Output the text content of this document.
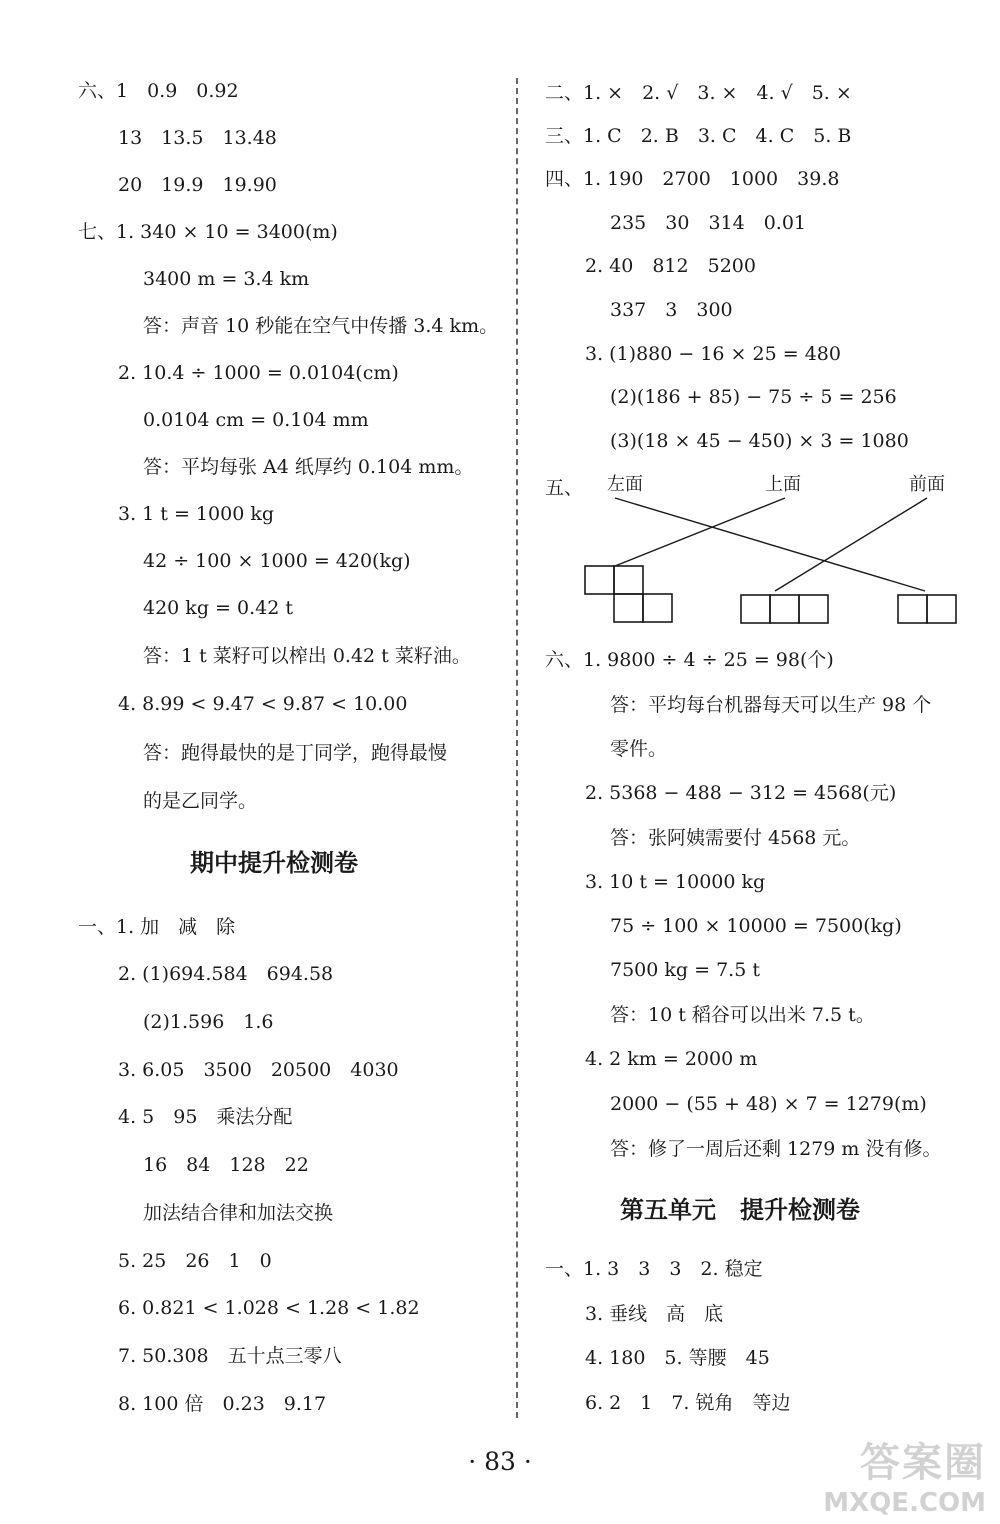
六、1　0.9　0.92
13　13.5　13.48
20　19.9　19.90
七、1. 340 × 10 = 3400(m)
3400 m = 3.4 km
答：声音 10 秒能在空气中传播 3.4 km。
2. 10.4 ÷ 1000 = 0.0104(cm)
0.0104 cm = 0.104 mm
答：平均每张 A4 纸厚约 0.104 mm。
3. 1 t = 1000 kg
42 ÷ 100 × 1000 = 420(kg)
420 kg = 0.42 t
答：1 t 菜籽可以榨出 0.42 t 菜籽油。
4. 8.99 < 9.47 < 9.87 < 10.00
答：跑得最快的是丁同学，跑得最慢
的是乙同学。
期中提升检测卷
一、1. 加　减　除
2. (1)694.584　694.58
(2)1.596　1.6
3. 6.05　3500　20500　4030
4. 5　95　乘法分配
16　84　128　22
加法结合律和加法交换
5. 25　26　1　0
6. 0.821 < 1.028 < 1.28 < 1.82
7. 50.308　五十点三零八
8. 100 倍　0.23　9.17
二、1. ×　2. √　3. ×　4. √　5. ×
三、1. C　2. B　3. C　4. C　5. B
四、1. 190　2700　1000　39.8
235　30　314　0.01
2. 40　812　5200
337　3　300
3. (1)880 − 16 × 25 = 480
(2)(186 + 85) − 75 ÷ 5 = 256
(3)(18 × 45 − 450) × 3 = 1080
五、 左面	上面	前面
六、1. 9800 ÷ 4 ÷ 25 = 98(个)
答：平均每台机器每天可以生产 98 个
零件。
2. 5368 − 488 − 312 = 4568(元)
答：张阿姨需要付 4568 元。
3. 10 t = 10000 kg
75 ÷ 100 × 10000 = 7500(kg)
7500 kg = 7.5 t
答：10 t 稻谷可以出米 7.5 t。
4. 2 km = 2000 m
2000 − (55 + 48) × 7 = 1279(m)
答：修了一周后还剩 1279 m 没有修。
第五单元　提升检测卷
一、1. 3　3　3　2. 稳定
3. 垂线　高　底
4. 180　5. 等腰　45
6. 2　1　7. 锐角　等边
· 83 ·	答案圈
MXQE.COM
